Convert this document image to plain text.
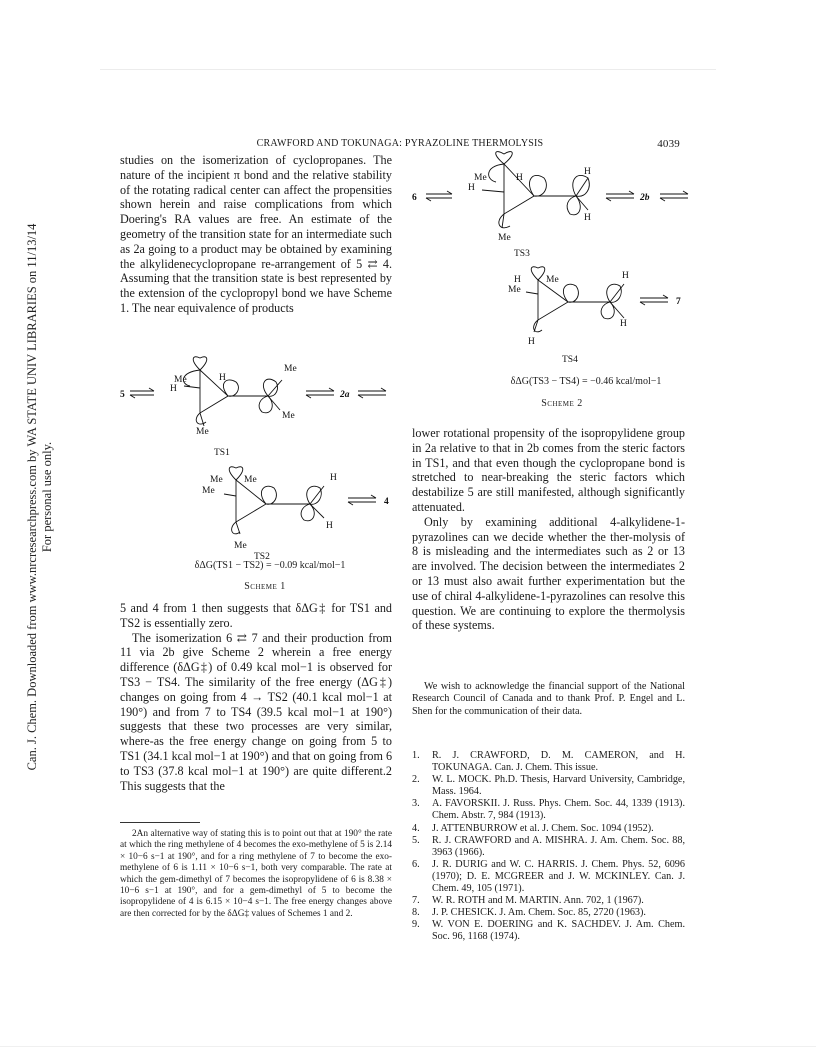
Can. J. Chem. Downloaded from www.nrcresearchpress.com by WA STATE UNIV LIBRARIES on 11/13/14 For personal use only.
CRAWFORD AND TOKUNAGA: PYRAZOLINE THERMOLYSIS	4039

studies on the isomerization of cyclopropanes. The nature of the incipient π bond and the relative stability of the rotating radical center can affect the propensities shown herein and raise complications from which Doering's RA values are free. An estimate of the geometry of the transition state for an intermediate such as 2a going to a product may be obtained by examining the alkylidenecyclopropane re-arrangement of 5 ⇄ 4. Assuming that the transition state is best represented by the extension of the cyclopropyl bond we have Scheme 1. The near equivalence of products

5
Me
H
H
Me
Me
Me
2a
TS1
Me
Me
Me	H
H
Me
4
TS2
δΔG(TS1 − TS2) = −0.09 kcal/mol−1
Scheme 1

5 and 4 from 1 then suggests that δΔG‡ for TS1 and TS2 is essentially zero.

The isomerization 6 ⇄ 7 and their production from 11 via 2b give Scheme 2 wherein a free energy difference (δΔG‡) of 0.49 kcal mol−1 is observed for TS3 − TS4. The similarity of the free energy (ΔG‡) changes on going from 4 → TS2 (40.1 kcal mol−1 at 190°) and from 7 to TS4 (39.5 kcal mol−1 at 190°) suggests that these two processes are very similar, where-as the free energy change on going from 5 to TS1 (34.1 kcal mol−1 at 190°) and that on going from 6 to TS3 (37.8 kcal mol−1 at 190°) are quite different.2 This suggests that the

2An alternative way of stating this is to point out that at 190° the rate at which the ring methylene of 4 becomes the exo-methylene of 5 is 2.14 × 10−6 s−1 at 190°, and for a ring methylene of 7 to become the exo-methylene of 6 is 1.11 × 10−6 s−1, both very comparable. The rate at which the gem-dimethyl of 7 becomes the isopropylidene of 6 is 8.38 × 10−6 s−1 at 190°, and for a gem-dimethyl of 5 to become the isopropylidene of 4 is 6.15 × 10−4 s−1. The free energy changes above are then corrected for by the δΔG‡ values of Schemes 1 and 2.
6
Me
H
H
H
H
Me
2b
TS3
H
Me
Me	H
H
H
7
TS4
δΔG(TS3 − TS4) = −0.46 kcal/mol−1
Scheme 2

lower rotational propensity of the isopropylidene group in 2a relative to that in 2b comes from the steric factors in TS1, and that even though the cyclopropane bond is stretched to near-breaking the steric factors which destabilize 5 are still manifested, although significantly attenuated.

Only by examining additional 4-alkylidene-1-pyrazolines can we decide whether the ther-molysis of 8 is misleading and the intermediates such as 2 or 13 are involved. The decision between the intermediates 2 or 13 must also await further experimentation but the use of chiral 4-alkylidene-1-pyrazolines can resolve this question. We are continuing to explore the thermolysis of these systems.

We wish to acknowledge the financial support of the National Research Council of Canada and to thank Prof. P. Engel and L. Shen for the communication of their data.

1. R. J. CRAWFORD, D. M. CAMERON, and H. TOKUNAGA. Can. J. Chem. This issue.
2. W. L. MOCK. Ph.D. Thesis, Harvard University, Cambridge, Mass. 1964.
3. A. FAVORSKII. J. Russ. Phys. Chem. Soc. 44, 1339 (1913). Chem. Abstr. 7, 984 (1913).
4. J. ATTENBURROW et al. J. Chem. Soc. 1094 (1952).
5. R. J. CRAWFORD and A. MISHRA. J. Am. Chem. Soc. 88, 3963 (1966).
6. J. R. DURIG and W. C. HARRIS. J. Chem. Phys. 52, 6096 (1970); D. E. MCGREER and J. W. MCKINLEY. Can. J. Chem. 49, 105 (1971).
7. W. R. ROTH and M. MARTIN. Ann. 702, 1 (1967).
8. J. P. CHESICK. J. Am. Chem. Soc. 85, 2720 (1963).
9. W. VON E. DOERING and K. SACHDEV. J. Am. Chem. Soc. 96, 1168 (1974).
